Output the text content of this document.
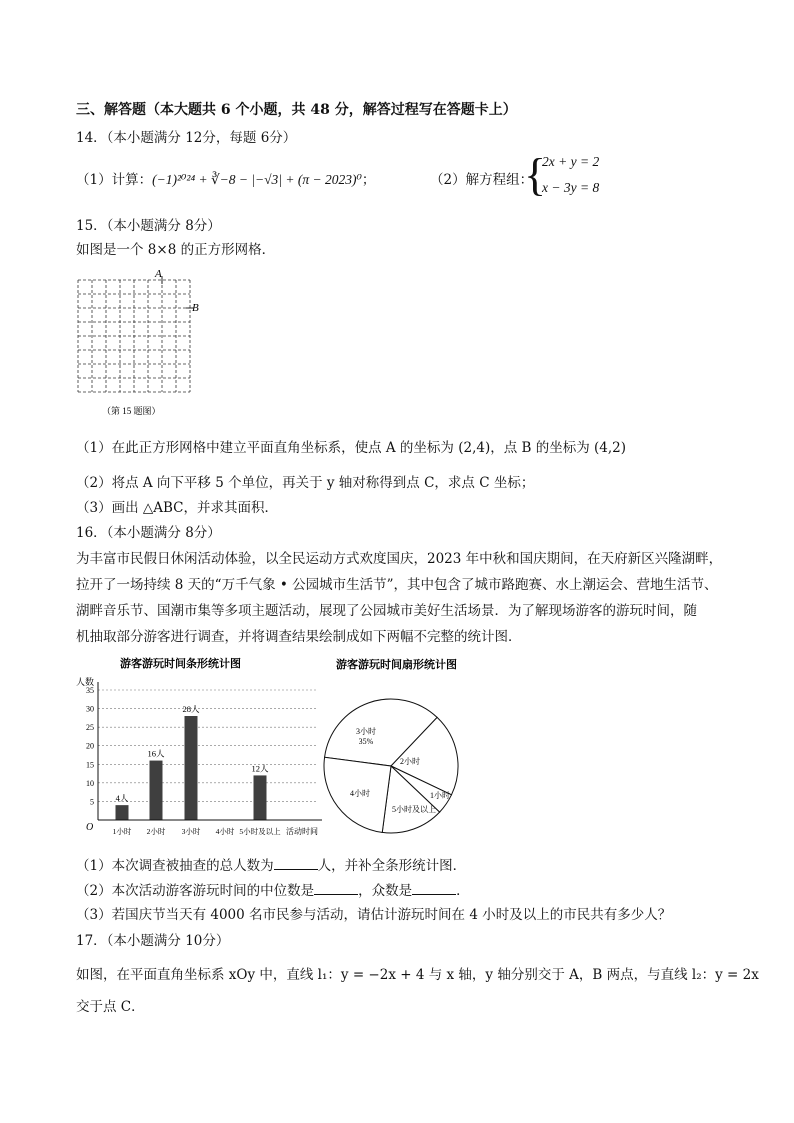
三、解答题（本大题共 6 个小题，共 48 分，解答过程写在答题卡上）
14．（本小题满分 12分，每题 6分）
（1）计算：(−1)²⁰²⁴ + ∛−8 − |−√3| + (π − 2023)⁰；	（2）解方程组：
{
2x + y = 2
x − 3y = 8
15．（本小题满分 8分）
如图是一个 8×8 的正方形网格．
A
B
（第 15 题图）
（1）在此正方形网格中建立平面直角坐标系，使点 A 的坐标为 (2,4)，点 B 的坐标为 (4,2)
（2）将点 A 向下平移 5 个单位，再关于 y 轴对称得到点 C，求点 C 坐标；
（3）画出 △ABC，并求其面积．
16．（本小题满分 8分）
为丰富市民假日休闲活动体验，以全民运动方式欢度国庆，2023 年中秋和国庆期间，在天府新区兴隆湖畔，
拉开了一场持续 8 天的“万千气象 • 公园城市生活节”，其中包含了城市路跑赛、水上潮运会、营地生活节、
湖畔音乐节、国潮市集等多项主题活动，展现了公园城市美好生活场景．为了解现场游客的游玩时间，随
机抽取部分游客进行调查，并将调查结果绘制成如下两幅不完整的统计图．
游客游玩时间条形统计图
人数
O	活动时间
5
10
15
20
25
30
35
1小时
4人
2小时
16人
3小时
28人
4小时 5小时及以上
12人
游客游玩时间扇形统计图
3小时
35%
2小时
1小时
5小时及以上
4小时
（1）本次调查被抽查的总人数为	人，并补全条形统计图．
（2）本次活动游客游玩时间的中位数是	，众数是	．
（3）若国庆节当天有 4000 名市民参与活动，请估计游玩时间在 4 小时及以上的市民共有多少人？
17．（本小题满分 10分）
如图，在平面直角坐标系 xOy 中，直线 l₁：y = −2x + 4 与 x 轴，y 轴分别交于 A，B 两点，与直线 l₂：y = 2x
交于点 C．
